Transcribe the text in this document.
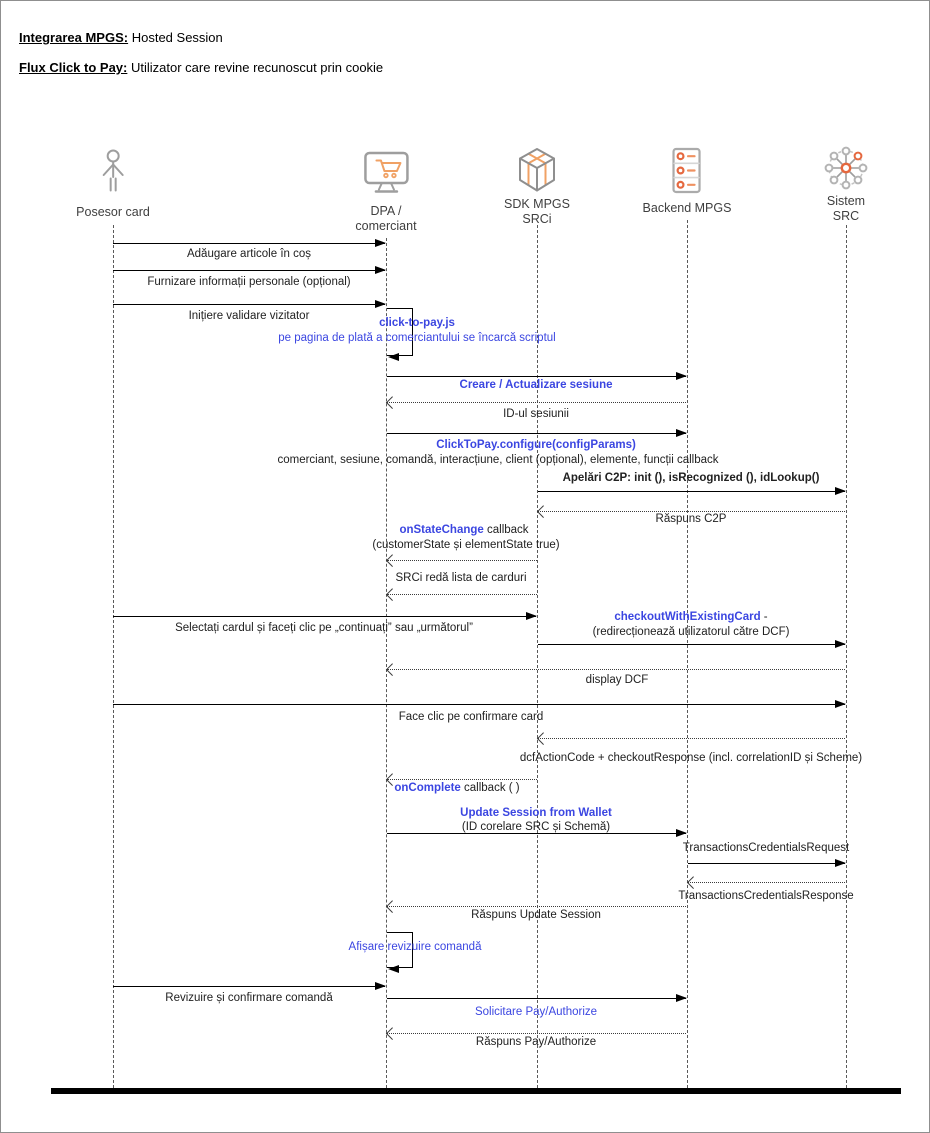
Integrarea MPGS: Hosted Session
Flux Click to Pay: Utilizator care revine recunoscut prin cookie
Posesor card	DPA /
comerciant
SDK MPGS
SRCi
Backend MPGS	Sistem
SRC
Adăugare articole în coș
Furnizare informații personale (opțional)
Inițiere validare vizitator
click-to-pay.js
pe pagina de plată a comerciantului se încarcă scriptul
Creare / Actualizare sesiune
ID-ul sesiunii
ClickToPay.configure(configParams)
comerciant, sesiune, comandă, interacțiune, client (opțional), elemente, funcții callback
Apelări C2P: init (), isRecognized (), idLookup()
Răspuns C2P
onStateChange callback
(customerState și elementState true)
SRCi redă lista de carduri
Selectați cardul și faceți clic pe „continuați” sau „următorul”
checkoutWithExistingCard -
(redirecționează utilizatorul către DCF)
display DCF
Face clic pe confirmare card
dcfActionCode + checkoutResponse (incl. correlationID și Scheme)
onComplete callback ( )
Update Session from Wallet
(ID corelare SRC și Schemă)
TransactionsCredentialsRequest
TransactionsCredentialsResponse
Răspuns Update Session
Afișare revizuire comandă
Revizuire și confirmare comandă
Solicitare Pay/Authorize
Răspuns Pay/Authorize
